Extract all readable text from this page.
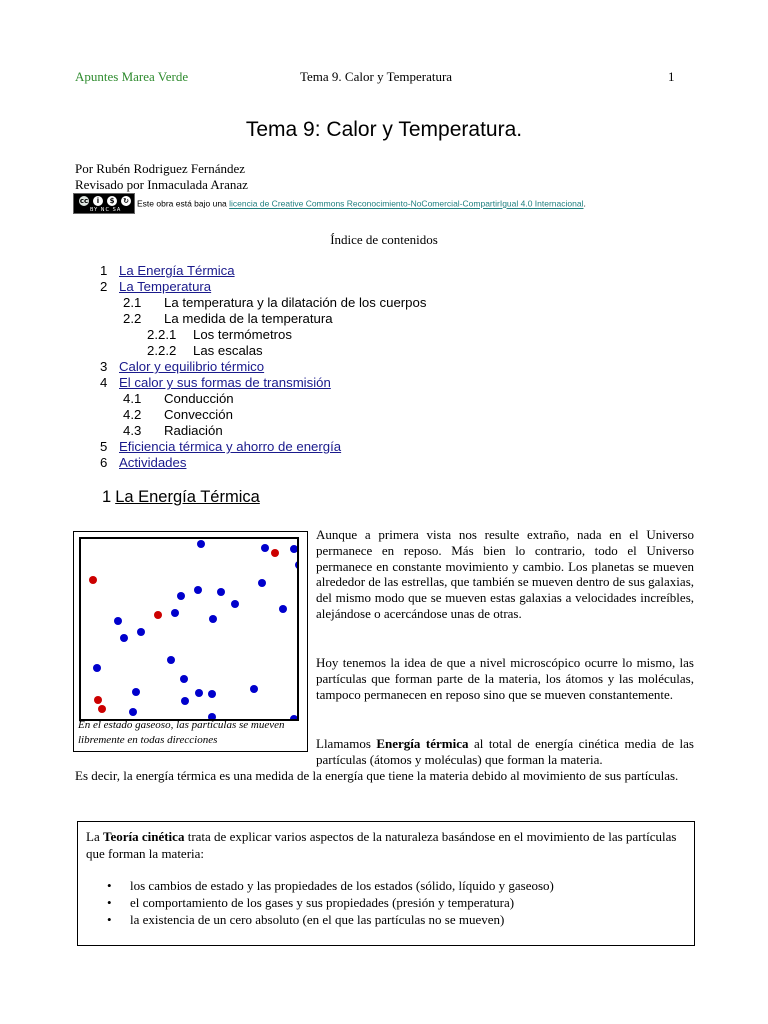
Apuntes Marea Verde	Tema 9. Calor y Temperatura	1
Tema 9: Calor y Temperatura.
Por Rubén Rodriguez Fernández
Revisado por Inmaculada Aranaz
cc	i	$	↻
BY NC SA
Este obra está bajo una licencia de Creative Commons Reconocimiento-NoComercial-CompartirIgual 4.0 Internacional.
Índice de contenidos
1 La Energía Térmica
2 La Temperatura
2.1 La temperatura y la dilatación de los cuerpos
2.2 La medida de la temperatura
2.2.1 Los termómetros
2.2.2 Las escalas
3 Calor y equilibrio térmico
4 El calor y sus formas de transmisión
4.1 Conducción
4.2 Convección
4.3 Radiación
5 Eficiencia térmica y ahorro de energía
6 Actividades
1 La Energía Térmica
En el estado gaseoso, las partículas se mueven libremente en todas direcciones
Aunque a primera vista nos resulte extraño, nada en el Universo permanece en reposo. Más bien lo contrario, todo el Universo permanece en constante movimiento y cambio. Los planetas se mueven alrededor de las estrellas, que también se mueven dentro de sus galaxias, del mismo modo que se mueven estas galaxias a velocidades increíbles, alejándose o acercándose unas de otras.
Hoy tenemos la idea de que a nivel microscópico ocurre lo mismo, las partículas que forman parte de la materia, los átomos y las moléculas, tampoco permanecen en reposo sino que se mueven constantemente.
Llamamos Energía térmica al total de energía cinética media de las partículas (átomos y moléculas) que forman la materia.
Es decir, la energía térmica es una medida de la energía que tiene la materia debido al movimiento de sus partículas.
La Teoría cinética trata de explicar varios aspectos de la naturaleza basándose en el movimiento de las partículas que forman la materia:
• los cambios de estado y las propiedades de los estados (sólido, líquido y gaseoso)
• el comportamiento de los gases y sus propiedades (presión y temperatura)
• la existencia de un cero absoluto (en el que las partículas no se mueven)
